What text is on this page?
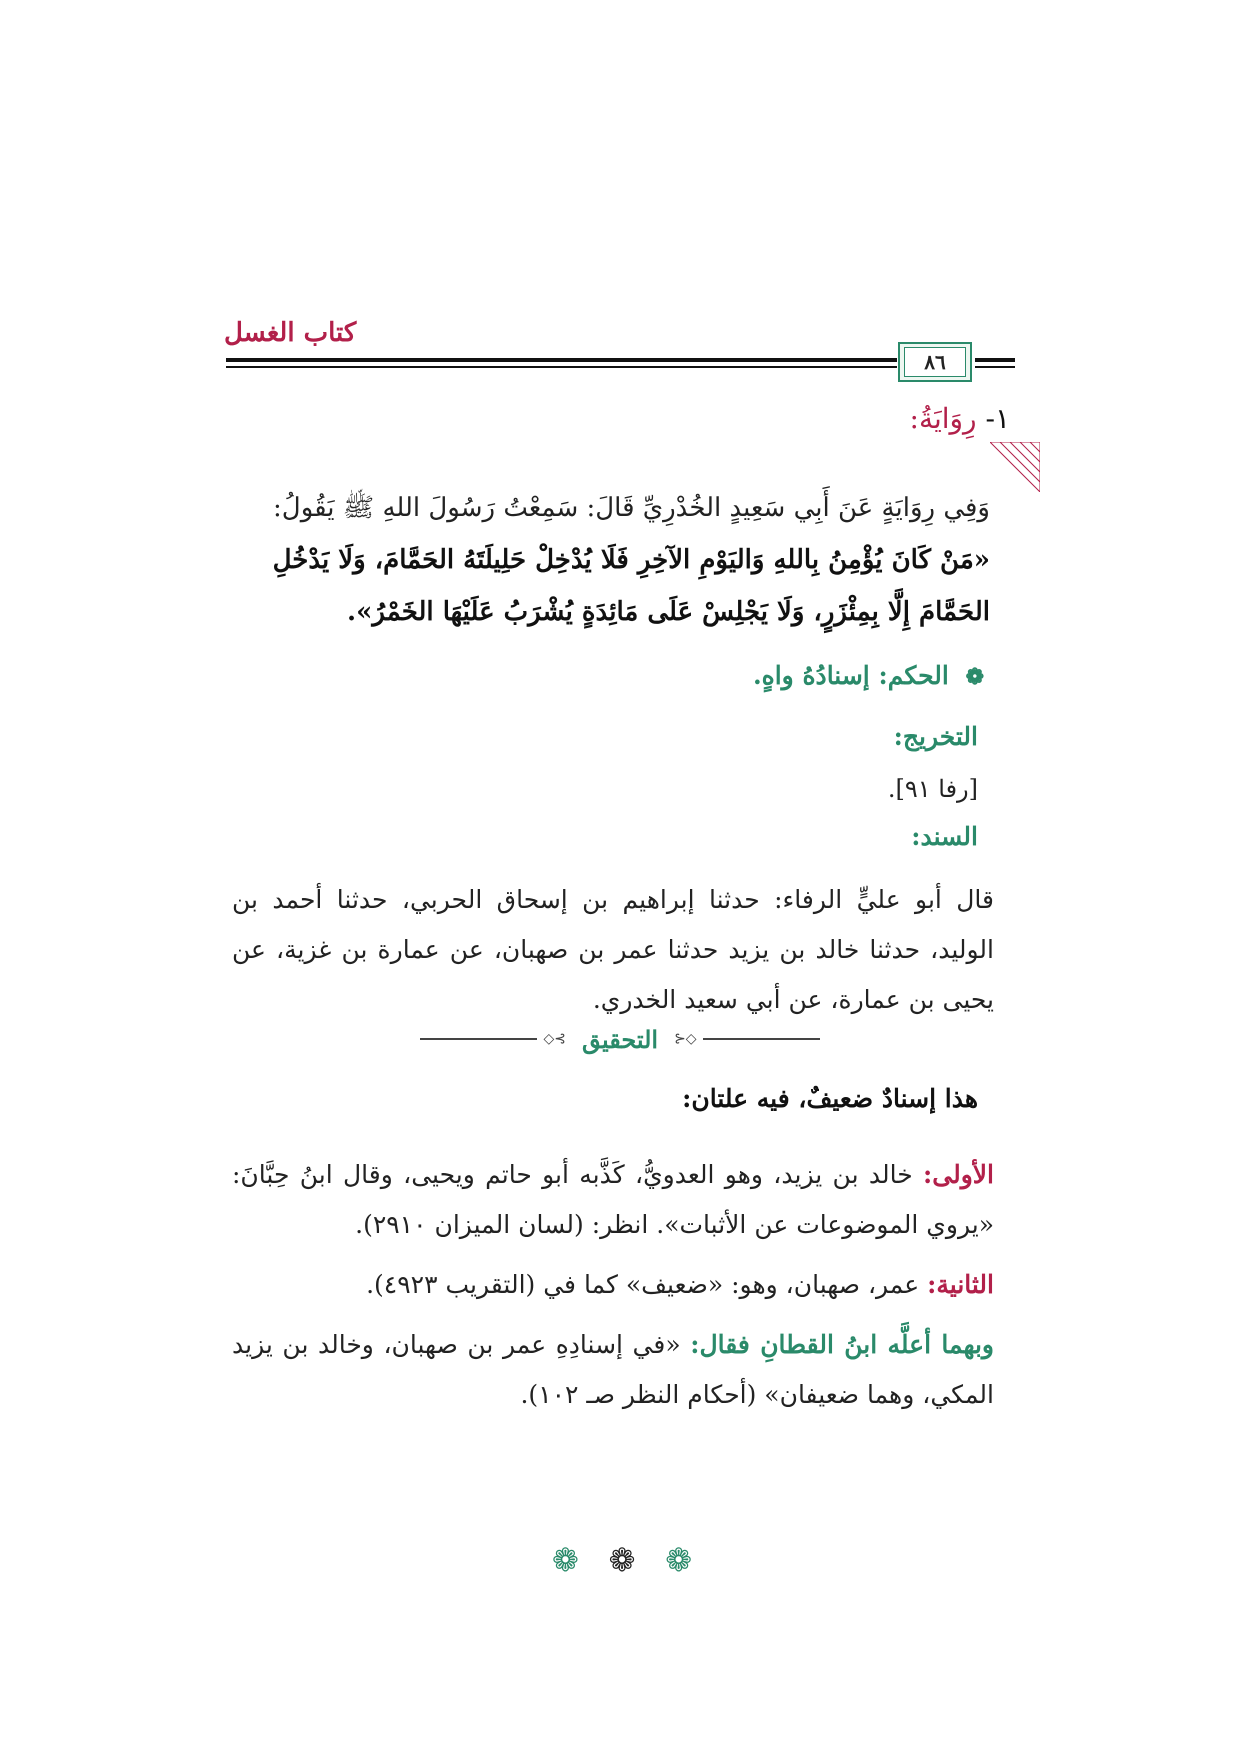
كتاب الغسل
٨٦
١- رِوَايَةُ:
وَفِي رِوَايَةٍ عَنَ أَبِي سَعِيدٍ الخُدْرِيِّ قَالَ: سَمِعْتُ رَسُولَ اللهِ ﷺ يَقُولُ: «مَنْ كَانَ يُؤْمِنُ بِاللهِ وَاليَوْمِ الآخِرِ فَلَا يُدْخِلْ حَلِيلَتَهُ الحَمَّامَ، وَلَا يَدْخُلِ الحَمَّامَ إِلَّا بِمِئْزَرٍ، وَلَا يَجْلِسْ عَلَى مَائِدَةٍ يُشْرَبُ عَلَيْهَا الخَمْرُ».
❁ الحكم: إسنادُهُ واهٍ.
التخريج:
[رفا ٩١].
السند:
قال أبو عليٍّ الرفاء: حدثنا إبراهيم بن إسحاق الحربي، حدثنا أحمد بن الوليد، حدثنا خالد بن يزيد حدثنا عمر بن صهبان، عن عمارة بن غزية، عن يحيى بن عمارة، عن أبي سعيد الخدري.
◇⊰ التحقيق ⊱◇
هذا إسنادٌ ضعيفٌ، فيه علتان:
الأولى: خالد بن يزيد، وهو العدويُّ، كَذَّبه أبو حاتم ويحيى، وقال ابنُ حِبَّانَ: «يروي الموضوعات عن الأثبات». انظر: (لسان الميزان ٢٩١٠).
الثانية: عمر، صهبان، وهو: «ضعيف» كما في (التقريب ٤٩٢٣).
وبهما أعلَّه ابنُ القطانِ فقال: «في إسنادِهِ عمر بن صهبان، وخالد بن يزيد المكي، وهما ضعيفان» (أحكام النظر صـ ١٠٢).
❁ ❁ ❁
